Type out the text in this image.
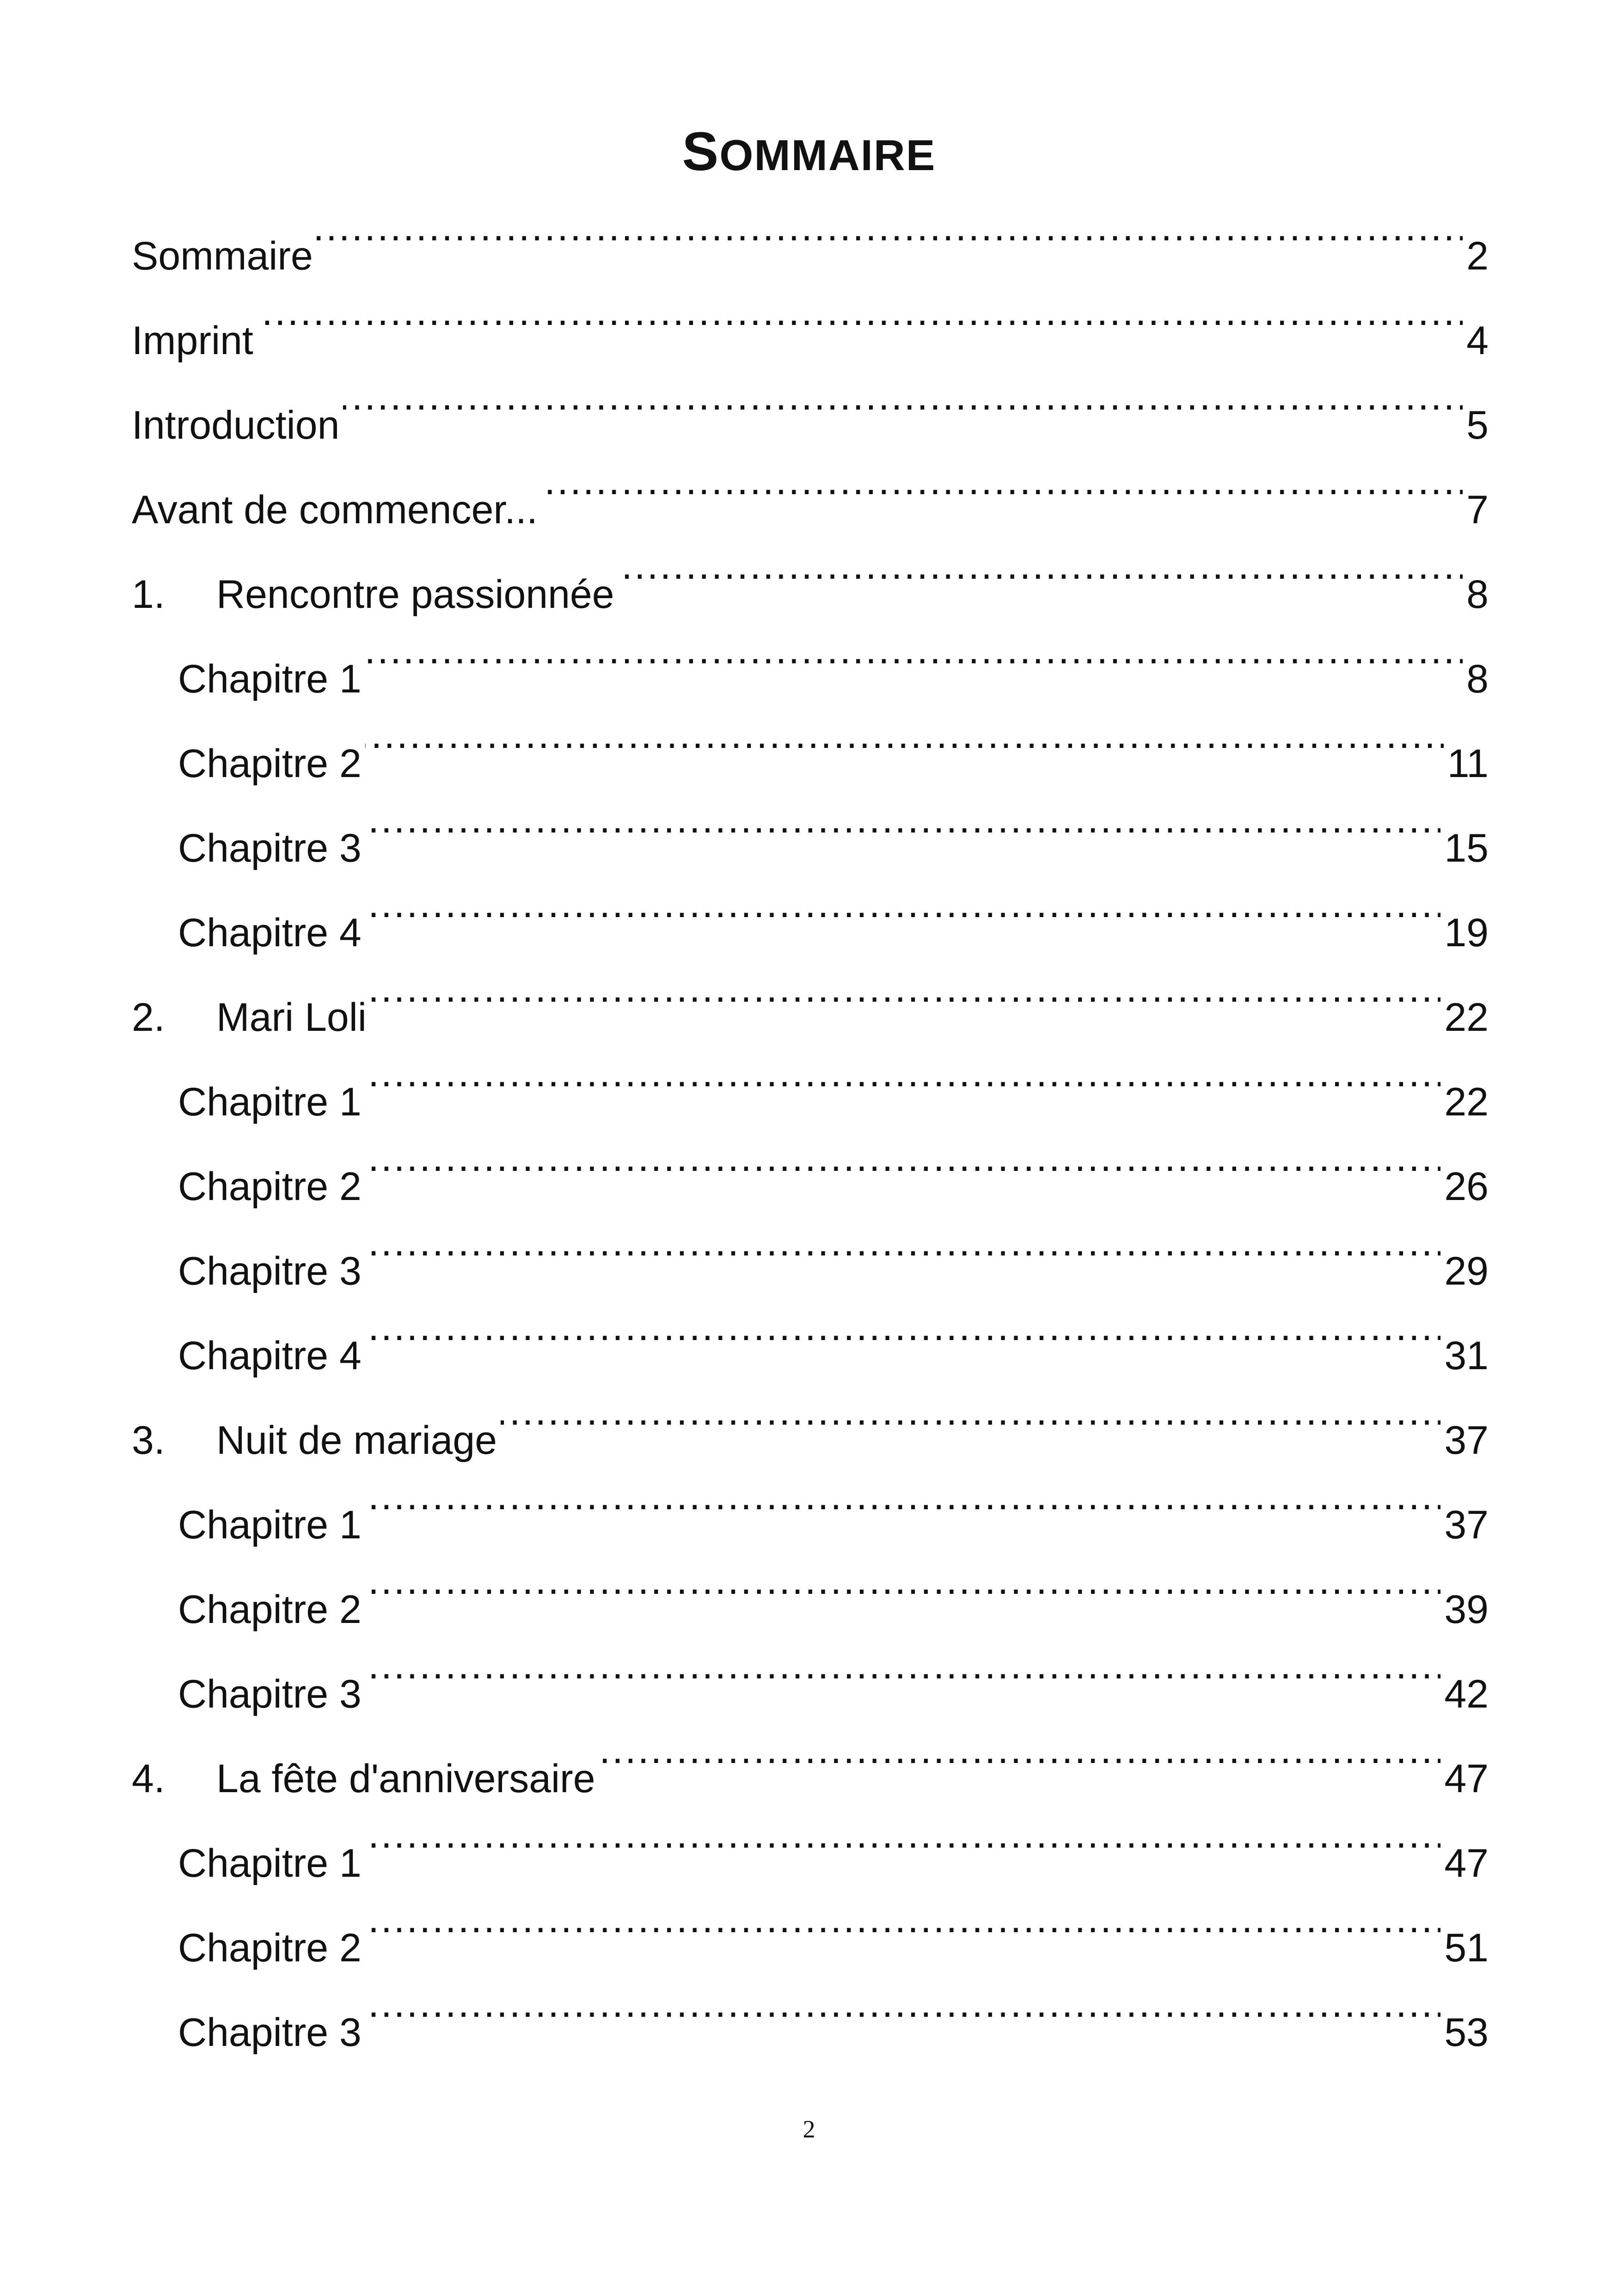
SOMMAIRE
Sommaire . . .	2
Imprint . . .	4
Introduction . . .	5
Avant de commencer... . . .	7
1. Rencontre passionnée . . .	8
Chapitre 1 . . .	8
Chapitre 2 . . .	11
Chapitre 3 . . .	15
Chapitre 4 . . .	19
2. Mari Loli . . .	22
Chapitre 1 . . .	22
Chapitre 2 . . .	26
Chapitre 3 . . .	29
Chapitre 4 . . .	31
3. Nuit de mariage . . .	37
Chapitre 1 . . .	37
Chapitre 2 . . .	39
Chapitre 3 . . .	42
4. La fête d'anniversaire . . .	47
Chapitre 1 . . .	47
Chapitre 2 . . .	51
Chapitre 3 . . .	53
2
